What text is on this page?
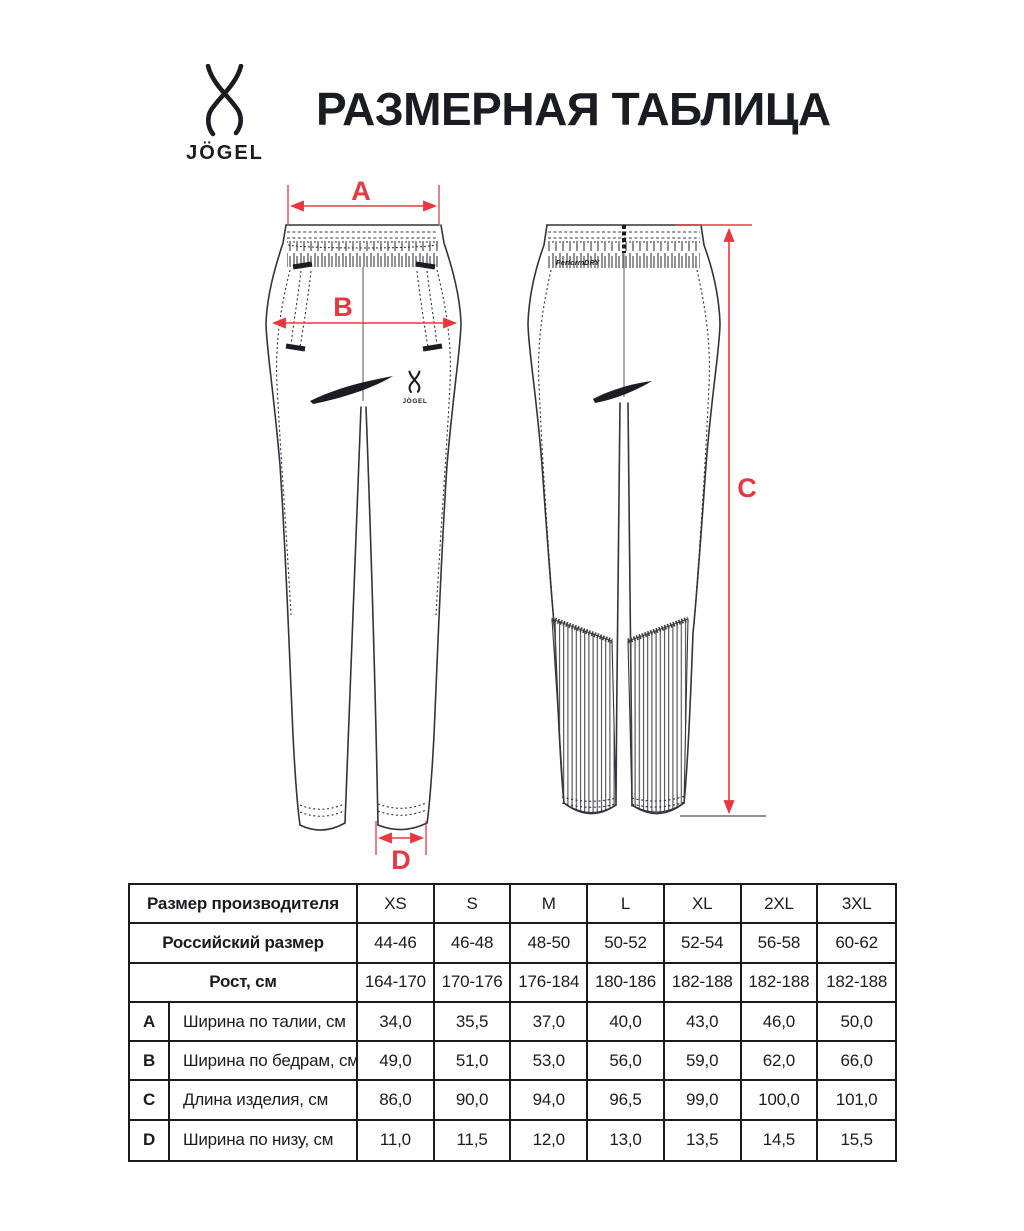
JÖGEL
РАЗМЕРНАЯ ТАБЛИЦА
JÖGEL
PerformDRY
A
B
D
C
Размер производителя	XS	S	M	L	XL	2XL	3XL
Российский размер	44-46	46-48	48-50	50-52	52-54	56-58	60-62
Рост, см	164-170 170-176 176-184 180-186 182-188 182-188 182-188
A	Ширина по талии, см	34,0	35,5	37,0	40,0	43,0	46,0	50,0
B	Ширина по бедрам, см	49,0	51,0	53,0	56,0	59,0	62,0	66,0
C	Длина изделия, см	86,0	90,0	94,0	96,5	99,0	100,0	101,0
D	Ширина по низу, см	11,0	11,5	12,0	13,0	13,5	14,5	15,5
